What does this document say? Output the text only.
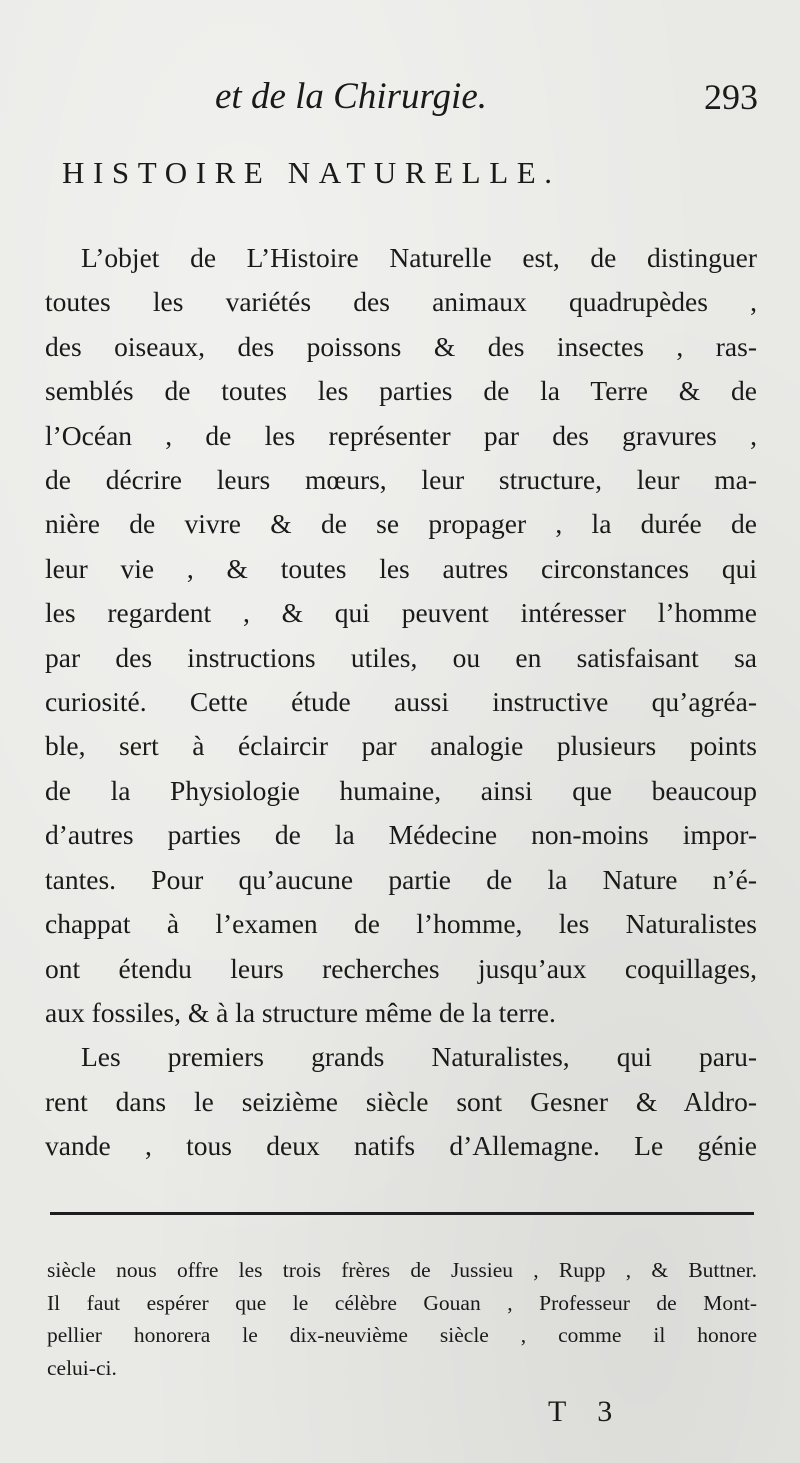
et de la Chirurgie.	293
HISTOIRE NATURELLE.
L’objet de L’Histoire Naturelle est, de distinguer
toutes les variétés des animaux quadrupèdes ,
des oiseaux, des poissons & des insectes , ras-
semblés de toutes les parties de la Terre & de
l’Océan , de les représenter par des gravures ,
de décrire leurs mœurs, leur structure, leur ma-
nière de vivre & de se propager , la durée de
leur vie , & toutes les autres circonstances qui
les regardent , & qui peuvent intéresser l’homme
par des instructions utiles, ou en satisfaisant sa
curiosité. Cette étude aussi instructive qu’agréa-
ble, sert à éclaircir par analogie plusieurs points
de la Physiologie humaine, ainsi que beaucoup
d’autres parties de la Médecine non-moins impor-
tantes. Pour qu’aucune partie de la Nature n’é-
chappat à l’examen de l’homme, les Naturalistes
ont étendu leurs recherches jusqu’aux coquillages,
aux fossiles, & à la structure même de la terre.
Les premiers grands Naturalistes, qui paru-
rent dans le seizième siècle sont Gesner & Aldro-
vande , tous deux natifs d’Allemagne. Le génie
siècle nous offre les trois frères de Jussieu , Rupp , & Buttner.
Il faut espérer que le célèbre Gouan , Professeur de Mont-
pellier honorera le dix-neuvième siècle , comme il honore
celui-ci.
T 3
